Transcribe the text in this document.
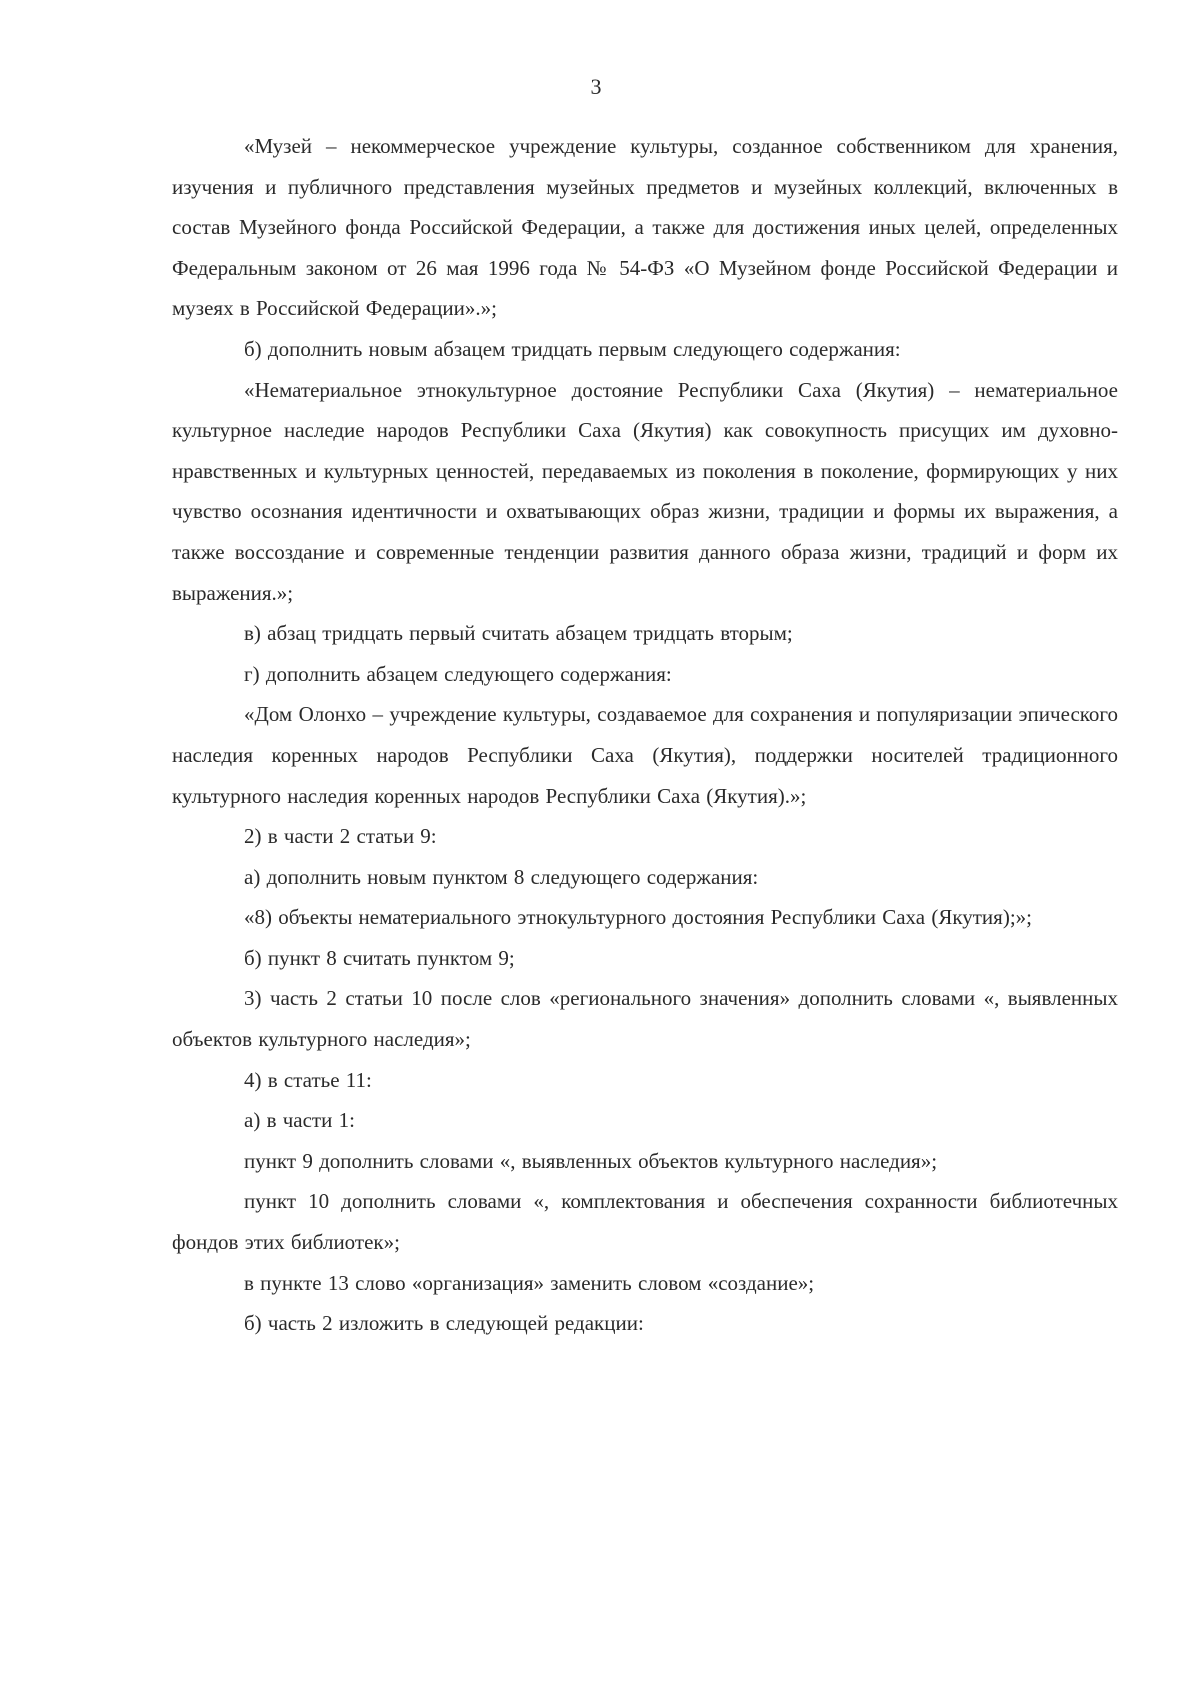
3

«Музей – некоммерческое учреждение культуры, созданное собственником для хранения, изучения и публичного представления музейных предметов и музейных коллекций, включенных в состав Музейного фонда Российской Федерации, а также для достижения иных целей, определенных Федеральным законом от 26 мая 1996 года № 54-ФЗ «О Музейном фонде Российской Федерации и музеях в Российской Федерации».»;

б) дополнить новым абзацем тридцать первым следующего содержания:

«Нематериальное этнокультурное достояние Республики Саха (Якутия) – нематериальное культурное наследие народов Республики Саха (Якутия) как совокупность присущих им духовно-нравственных и культурных ценностей, передаваемых из поколения в поколение, формирующих у них чувство осознания идентичности и охватывающих образ жизни, традиции и формы их выражения, а также воссоздание и современные тенденции развития данного образа жизни, традиций и форм их выражения.»;

в) абзац тридцать первый считать абзацем тридцать вторым;

г) дополнить абзацем следующего содержания:

«Дом Олонхо – учреждение культуры, создаваемое для сохранения и популяризации эпического наследия коренных народов Республики Саха (Якутия), поддержки носителей традиционного культурного наследия коренных народов Республики Саха (Якутия).»;

2) в части 2 статьи 9:

а) дополнить новым пунктом 8 следующего содержания:

«8) объекты нематериального этнокультурного достояния Республики Саха (Якутия);»;

б) пункт 8 считать пунктом 9;

3) часть 2 статьи 10 после слов «регионального значения» дополнить словами «, выявленных объектов культурного наследия»;

4) в статье 11:

а) в части 1:

пункт 9 дополнить словами «, выявленных объектов культурного наследия»;

пункт 10 дополнить словами «, комплектования и обеспечения сохранности библиотечных фондов этих библиотек»;

в пункте 13 слово «организация» заменить словом «создание»;

б) часть 2 изложить в следующей редакции:
